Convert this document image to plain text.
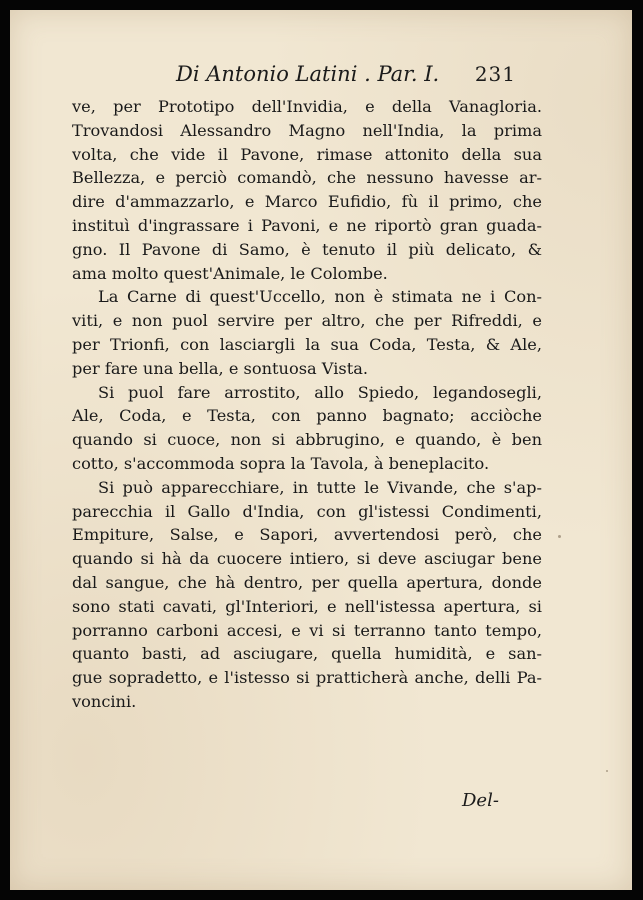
Di Antonio Latini . Par. I. 231
ve, per Prototipo dell'Invidia, e della Vanagloria.
Trovandosi Alessandro Magno nell'India, la prima
volta, che vide il Pavone, rimase attonito della sua
Bellezza, e perciò comandò, che nessuno havesse ar-
dire d'ammazzarlo, e Marco Eufidio, fù il primo, che
instituì d'ingrassare i Pavoni, e ne riportò gran guada-
gno. Il Pavone di Samo, è tenuto il più delicato, &
ama molto quest'Animale, le Colombe.
La Carne di quest'Uccello, non è stimata ne i Con-
viti, e non puol servire per altro, che per Rifreddi, e
per Trionfi, con lasciargli la sua Coda, Testa, & Ale,
per fare una bella, e sontuosa Vista.
Si puol fare arrostito, allo Spiedo, legandosegli,
Ale, Coda, e Testa, con panno bagnato; acciòche
quando si cuoce, non si abbrugino, e quando, è ben
cotto, s'accommoda sopra la Tavola, à beneplacito.
Si può apparecchiare, in tutte le Vivande, che s'ap-
parecchia il Gallo d'India, con gl'istessi Condimenti,
Empiture, Salse, e Sapori, avvertendosi però, che
quando si hà da cuocere intiero, si deve asciugar bene
dal sangue, che hà dentro, per quella apertura, donde
sono stati cavati, gl'Interiori, e nell'istessa apertura, si
porranno carboni accesi, e vi si terranno tanto tempo,
quanto basti, ad asciugare, quella humidità, e san-
gue sopradetto, e l'istesso si pratticherà anche, delli Pa-
voncini.
Del-
